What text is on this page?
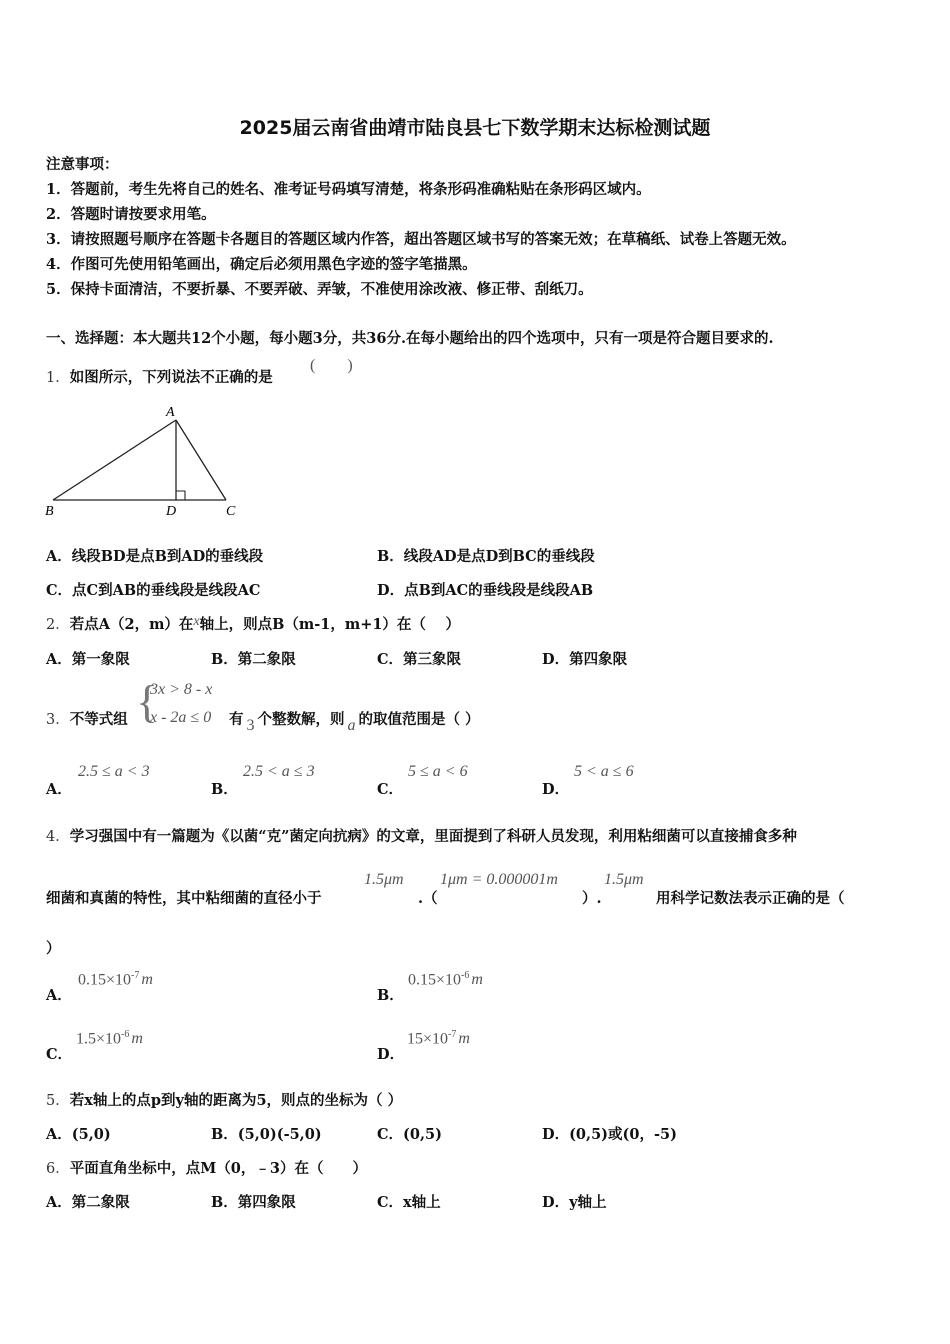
2025届云南省曲靖市陆良县七下数学期末达标检测试题
注意事项：
1．答题前，考生先将自己的姓名、准考证号码填写清楚，将条形码准确粘贴在条形码区域内。
2．答题时请按要求用笔。
3．请按照题号顺序在答题卡各题目的答题区域内作答，超出答题区域书写的答案无效；在草稿纸、试卷上答题无效。
4．作图可先使用铅笔画出，确定后必须用黑色字迹的签字笔描黑。
5．保持卡面清洁，不要折暴、不要弄破、弄皱，不准使用涂改液、修正带、刮纸刀。
一、选择题：本大题共12个小题，每小题3分，共36分.在每小题给出的四个选项中，只有一项是符合题目要求的.
1．如图所示，下列说法不正确的是
(　　)
A
B	D	C
A．线段BD是点B到AD的垂线段	B．线段AD是点D到BC的垂线段
C．点C到AB的垂线段是线段AC	D．点B到AC的垂线段是线段AB
2．若点A（2，m）在x轴上，则点B（m-1，m+1）在（　 ）
A．第一象限	B．第二象限	C．第三象限	D．第四象限
3．不等式组 {
3x > 8 - x
x - 2a ≤ 0 有 3 个整数解，则 a 的取值范围是（ ）
A．
2.5 ≤ a < 3
B．
2.5 < a ≤ 3
C．
5 ≤ a < 6
D．
5 < a ≤ 6
4．学习强国中有一篇题为《以菌“克”菌定向抗病》的文章，里面提到了科研人员发现，利用粘细菌可以直接捕食多种
细菌和真菌的特性，其中粘细菌的直径小于
1.5μm
.（
1μm = 0.000001m
）.
1.5μm
用科学记数法表示正确的是（
）
A．
$0.15\times 10^{-7}$ m
B．
$0.15\times 10^{-6}$ m
C．
$1.5\times 10^{-6}$ m
D．
$15\times 10^{-7}$ m
5．若x轴上的点p到y轴的距离为5，则点的坐标为（ ）
A．(5,0)	B．(5,0)(-5,0)	C．(0,5)	D．(0,5)或(0，-5)
6．平面直角坐标中，点M（0，﹣3）在（　　）
A．第二象限	B．第四象限	C．x轴上	D．y轴上
